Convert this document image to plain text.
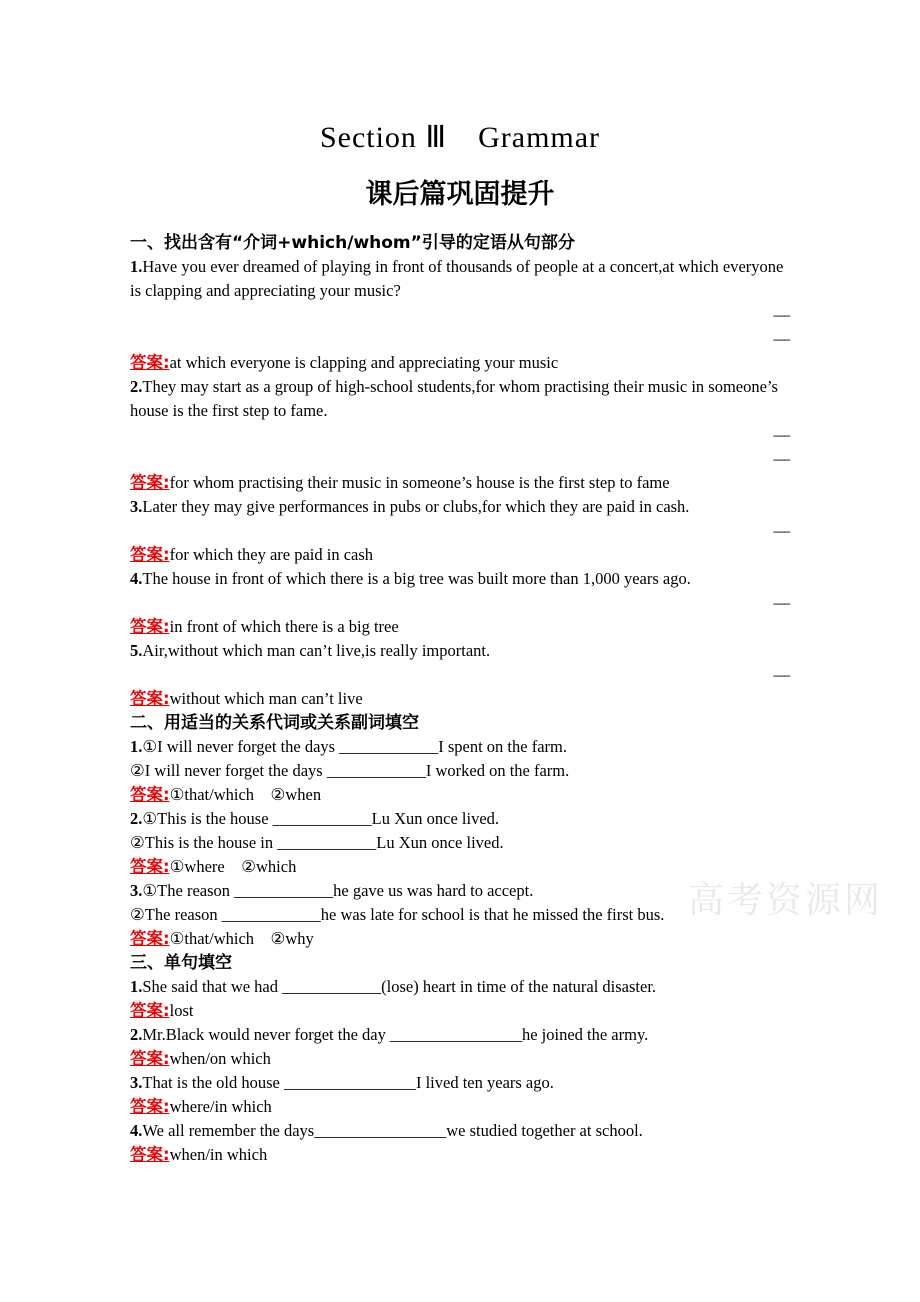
高考资源网
Section Ⅲ　Grammar
课后篇巩固提升

一、找出含有“介词+which/whom”引导的定语从句部分

1.Have you ever dreamed of playing in front of thousands of people at a concert,at which everyone is clapping and appreciating your music?

—

—

答案:at which everyone is clapping and appreciating your music

2.They may start as a group of high-school students,for whom practising their music in someone’s house is the first step to fame.

—

—

答案:for whom practising their music in someone’s house is the first step to fame

3.Later they may give performances in pubs or clubs,for which they are paid in cash.

—

答案:for which they are paid in cash

4.The house in front of which there is a big tree was built more than 1,000 years ago.

—

答案:in front of which there is a big tree

5.Air,without which man can’t live,is really important.

—

答案:without which man can’t live

二、用适当的关系代词或关系副词填空

1.①I will never forget the days ____________I spent on the farm.

②I will never forget the days ____________I worked on the farm.

答案:①that/which　②when

2.①This is the house ____________Lu Xun once lived.

②This is the house in ____________Lu Xun once lived.

答案:①where　②which

3.①The reason ____________he gave us was hard to accept.

②The reason ____________he was late for school is that he missed the first bus.

答案:①that/which　②why

三、单句填空

1.She said that we had ____________(lose) heart in time of the natural disaster.

答案:lost

2.Mr.Black would never forget the day ________________he joined the army.

答案:when/on which

3.That is the old house ________________I lived ten years ago.

答案:where/in which

4.We all remember the days________________we studied together at school.

答案:when/in which
